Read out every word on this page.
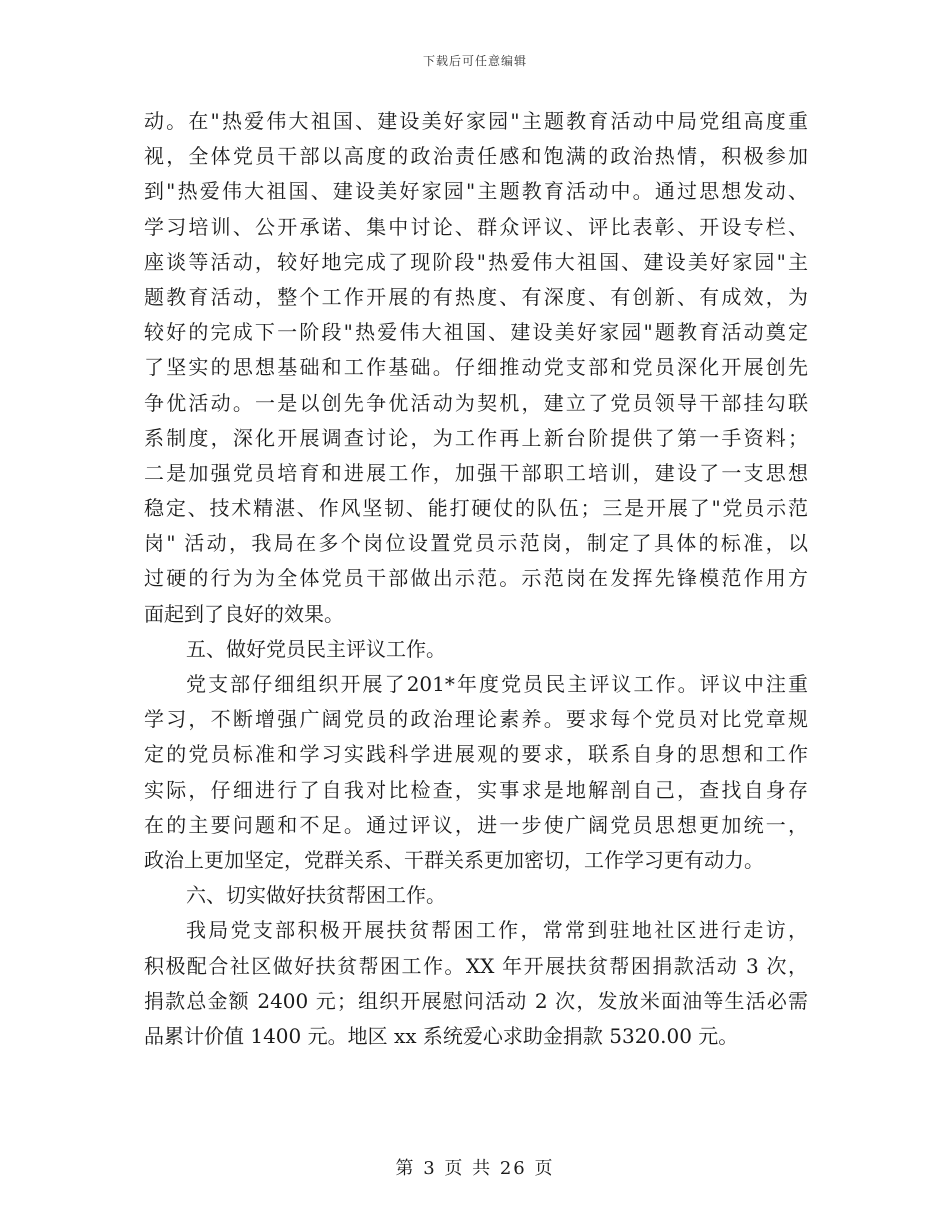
下载后可任意编辑
动。在"热爱伟大祖国、建设美好家园"主题教育活动中局党组高度重
视，全体党员干部以高度的政治责任感和饱满的政治热情，积极参加
到"热爱伟大祖国、建设美好家园"主题教育活动中。通过思想发动、
学习培训、公开承诺、集中讨论、群众评议、评比表彰、开设专栏、
座谈等活动，较好地完成了现阶段"热爱伟大祖国、建设美好家园"主
题教育活动，整个工作开展的有热度、有深度、有创新、有成效，为
较好的完成下一阶段"热爱伟大祖国、建设美好家园"题教育活动奠定
了坚实的思想基础和工作基础。仔细推动党支部和党员深化开展创先
争优活动。一是以创先争优活动为契机，建立了党员领导干部挂勾联
系制度，深化开展调查讨论，为工作再上新台阶提供了第一手资料；
二是加强党员培育和进展工作，加强干部职工培训，建设了一支思想
稳定、技术精湛、作风坚韧、能打硬仗的队伍；三是开展了"党员示范
岗" 活动，我局在多个岗位设置党员示范岗，制定了具体的标准，以
过硬的行为为全体党员干部做出示范。示范岗在发挥先锋模范作用方
面起到了良好的效果。
五、做好党员民主评议工作。
党支部仔细组织开展了201*年度党员民主评议工作。评议中注重
学习，不断增强广阔党员的政治理论素养。要求每个党员对比党章规
定的党员标准和学习实践科学进展观的要求，联系自身的思想和工作
实际，仔细进行了自我对比检查，实事求是地解剖自己，查找自身存
在的主要问题和不足。通过评议，进一步使广阔党员思想更加统一，
政治上更加坚定，党群关系、干群关系更加密切，工作学习更有动力。
六、切实做好扶贫帮困工作。
我局党支部积极开展扶贫帮困工作，常常到驻地社区进行走访，
积极配合社区做好扶贫帮困工作。XX 年开展扶贫帮困捐款活动 3 次，
捐款总金额 2400 元；组织开展慰问活动 2 次，发放米面油等生活必需
品累计价值 1400 元。地区 xx 系统爱心求助金捐款 5320.00 元。
第 3 页 共 26 页
